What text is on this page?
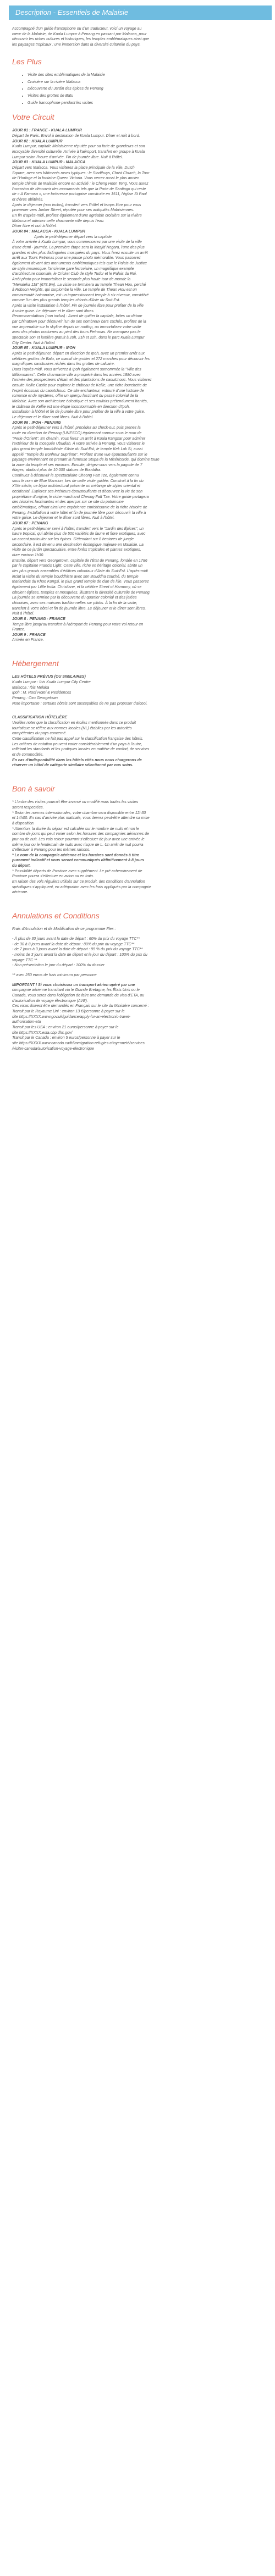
Description - Essentiels de Malaisie

Accompagné d'un guide francophone ou d'un traducteur, voici un voyage au

cœur de la Malaisie, de Kuala Lumpur à Penang en passant par Malacca, pour

découvrir les riches cultures et historiques, les temples emblématiques ainsi que

les paysages tropicaux : une immersion dans la diversité culturelle du pays.

Les Plus
• Visite des sites emblématiques de la Malaisie
• Croisière sur la rivière Malacca
• Découverte du Jardin des épices de Penang
• Visites des grottes de Batu
• Guide francophone pendant les visites
Votre Circuit

JOUR 01 : FRANCE - KUALA LUMPUR

Départ de Paris. Envol à destination de Kuala Lumpur. Dîner et nuit à bord.

JOUR 02 : KUALA LUMPUR

Kuala Lumpur, capitale Malaisienne réputée pour sa forte de grandeurs et son

incroyable diversité culturelle. Arrivée à l'aéroport, transfert en groupe à Kuala

Lumpur selon l'heure d'arrivée. Fin de journée libre. Nuit à l'hôtel.

JOUR 03 : KUALA LUMPUR - MALACCA

Départ vers Malacca. Vous visiterez la place principale de la ville, Dutch

Square, avec ses bâtiments roses typiques : le Stadthuys, Christ Church, la Tour

de l'Horloge et la fontaine Queen Victoria. Vous verrez aussi le plus ancien

temple chinois de Malaisie encore en activité : le Cheng Hoon Teng. Vous aurez

l'occasion de découvrir des monuments tels que la Porte de Santiago qui reste

de « A Famosa », une forteresse portugaise construite en 1511, l'église St Paul

et d'ères oblitérés.

Après le déjeuner (non inclus), transfert vers l'hôtel et temps libre pour vous

promener vers Jonker Street, réputée pour ses antiquités Malaisiennes.

En fin d'après-midi, profitez également d'une agréable croisière sur la rivière

Malacca et admirez cette charmante ville depuis l'eau.

Dîner libre et nuit à l'hôtel.

JOUR 04 : MALACCA - KUALA LUMPUR

Après le petit-déjeuner départ vers la capitale.

À votre arrivée à Kuala Lumpur, vous commencerez par une visite de la ville

d'une demi - journée. La première étape sera la Masjid Negara, l'une des plus

grandes et des plus distinguées mosquées du pays. Vous ferez ensuite un arrêt

arrêt aux Tours Petronas pour une pause photo mémorable. Vous passerez

également devant des monuments emblématiques tels que le Palais de Justice

de style mauresque, l'ancienne gare ferroviaire, un magnifique exemple

d'architecture coloniale, le Cricket Club de style Tudor et le Palais du Roi.

Arrêt photo pour immortaliser le seconde plus haute tour de monde la

"Menaleka 118" (678.9m). La visite se terminera au temple Thean Hou, perché

à Robson Heights, qui surplombe la ville. Le temple de Thean Hou est un

communauté hainanaise, est un impressionnant temple à six niveaux, considéré

comme l'un des plus grands temples chinois d'Asie du Sud-Est.

Après la visite installation à l'hôtel. Fin de journée libre pour profiter de la ville

à votre guise. Le déjeuner et le dîner sont libres.

Recommandations (non inclus) : Avant de quitter la capitale, faites un détour

par Chinatown pour découvrir l'un de ses nombreux bars cachés, profitez de la

vue imprenable sur la skyline depuis un rooftop, ou immortalisez votre visite

avec des photos nocturnes au pied des tours Petronas. Ne manquez pas le

spectacle son et lumière gratuit à 20h, 21h et 22h, dans le parc Kuala Lumpur

City Center. Nuit à l'hôtel.

JOUR 05 : KUALA LUMPUR - IPOH

Après le petit-déjeuner, départ en direction de Ipoh, avec un premier arrêt aux

célèbres grottes de Batu, ce massif de grottes et 272 marches pour découvrir les

magnifiques sanctuaires nichés dans les grottes de calcaire.

Dans l'après-midi, vous arriverez à Ipoh également surnommée la "Ville des

Millionnaires". Cette charmante ville a prospéré dans les années 1880 avec

l'arrivée des prospecteurs d'étain et des plantations de caoutchouc. Vous visiterez

ensuite Kellie Castle pour explorer le château de Kellie, une riche fourchette de

l'esprit écossais du caoutchouc. Ce site enchanteur, entouré d'une histoire de

romance et de mystères, offre un aperçu fascinant du passé colonial de la

Malaisie. Avec son architecture éclectique et ses couloirs prétendument hantés,

le château de Kellie est une étape incontournable en direction d'Ipoh.

Installation à l'hôtel et fin de journée libre pour profiter de la ville à votre guise.

Le déjeuner et le dîner sont libres. Nuit à l'hôtel.

JOUR 06 : IPOH - PENANG

Après le petit-déjeuner vers à l'hôtel, procédez au check-out, puis prenez la

route en direction de Penang (UNESCO) également connue sous le nom de

"Perle d'Orient". En chemin, vous ferez un arrêt à Kuala Kangsar pour admirer

l'extérieur de la mosquée Ubudiah. À votre arrivée à Penang, vous visiterez le

plus grand temple bouddhiste d'Asie du Sud-Est, le temple Kek Lok Si, aussi

appelé "Temple du Bonheur Suprême". Profitez d'une vue époustouflante sur le

paysage environnant en prenant la fameuse Stupa de la Miséricorde, qui domine toute

la zone du temple et ses environs. Ensuite, dirigez-vous vers la pagode de 7

étages, abritant plus de 10 000 statues de Bouddha.

Continuez à découvrir le spectaculaire Cheong Fatt Tze, également connu

sous le nom de Blue Mansion, lors de cette visite guidée. Construit à la fin du

XIXe siècle, ce bijou architectural présente un mélange de styles oriental et

occidental. Explorez ses intérieurs époustouflants et découvrez la vie de son

propriétaire d'origine, le riche marchand Cheong Fatt Tze. Votre guide partagera

des histoires fascinantes et des aperçus sur ce site du patrimoine

emblématique, offrant ainsi une expérience enrichissante de la riche histoire de

Penang. Installation à votre hôtel et fin de journée libre pour découvrir la ville à

votre guise. Le déjeuner et le dîner sont libres. Nuit à l'hôtel.

JOUR 07 : PENANG

Après le petit-déjeuner servi à l'hôtel, transfert vers le "Jardin des Épices", un

havre tropical, qui abrite plus de 500 variétés de faune et flore exotiques, avec

un accent particulier sur les épices. S'étendant sur 8 hectares de jungle

secondaire, il est devenu une destination écologique majeure en Malaisie. La

visite de ce jardin spectaculaire, entre forêts tropicales et plantes exotiques,

dure environ 1h30.

Ensuite, départ vers Georgetown, capitale de l'État de Penang, fondée en 1786

par le capitaine Francis Light. Cette ville, riche en héritage colonial, abrite un

des plus grands ensembles d'édifices coloniaux d'Asie du Sud-Est. L'après-midi

inclut la visite du temple bouddhiste avec son Bouddha couché, du temple

thaïlandais du Khoo Kongsi, le plus grand temple de clan de l'île. Vous passerez

également par Little India. Christiane, et la célèbre Street of Harmony, où se

côtoient églises, temples et mosquées, illustrant la diversité culturelle de Penang.

La journée se termine par la découverte du quartier colonial et des jetées

chinoises, avec ses maisons traditionnelles sur pilotis. À la fin de la visite,

transfert à votre hôtel et fin de journée libre. Le déjeuner et le dîner sont libres.

Nuit à l'hôtel.

JOUR 8 : PENANG - FRANCE

Temps libre jusqu'au transfert à l'aéroport de Penang pour votre vol retour en

France.

JOUR 9 : FRANCE

Arrivée en France.

Hébergement

LES HÔTELS PRÉVUS (OU SIMILAIRES)

Kuala Lumpur : Ibis Kuala Lumpur City Centre

Malacca : Ibis Melaka

Ipoh : M. Roof Hotel & Residences

Penang : Ozo Georgetown

Note importante : certains hôtels sont susceptibles de ne pas proposer d'alcool.

CLASSIFICATION HÔTELIÈRE

Veuillez noter que la classification en étoiles mentionnée dans ce produit

touristique se réfère aux normes locales (NL) établies par les autorités

compétentes du pays concerné.

Cette classification ne fait pas appel sur le classification française des hôtels.

Les critères de notation peuvent varier considérablement d'un pays à l'autre,

reflétant les standards et les pratiques locales en matière de confort, de services

et de commodités.

En cas d'indisponibilité dans les hôtels cités nous nous chargerons de

réserver un hôtel de catégorie similaire sélectionné par nos soins.

Bon à savoir

* L'ordre des visites pourrait être inversé ou modifié mais toutes les visites

seront respectées.

* Selon les normes internationales, votre chambre sera disponible entre 12h30

et 14h00. En cas d'arrivée plus matinale, vous devrez peut-être attendre sa mise

à disposition.

* Attention, la durée du séjour est calculée sur le nombre de nuits et non le

nombre de jours qui peut varier selon les horaires des compagnies aériennes de

jour ou de nuit. Les vols retour pourront s'effectuer de jour avec une arrivée le

même jour ou le lendemain de nuits avec risque de L. Un arrêt de nuit pourra

s'effectuer à Penang pour les mêmes raisons.

* Le nom de la compagnie aérienne et les horaires sont donnés à titre

purement indicatif et vous seront communiqués définitivement à 8 jours

du départ.

* Possibilité départs de Province avec supplément. Le pré acheminement de

Province pourra s'effectuer en avion ou en train.

En raison des vols réguliers utilisés sur ce produit, des conditions d'annulation

spécifiques s'appliquent, en adéquation avec les frais appliqués par la compagnie

aérienne.

Annulations et Conditions

Frais d'Annulation et de Modification de ce programme Flex :

- À plus de 30 jours avant la date de départ : 60% du prix du voyage TTC**

- de 30 à 8 jours avant la date de départ : 80% du prix du voyage TTC**

- de 7 jours à 3 jours avant la date de départ : 95 % du prix du voyage TTC**

- moins de 3 jours avant la date de départ et le jour du départ : 100% du prix du

voyage TTC **

- Non présentation le jour du départ : 100% du dossier

** avec 250 euros de frais minimum par personne

IMPORTANT ! Si vous choisissez un transport aérien opéré par une

compagnie aérienne transitant via le Grande Bretagne, les États Unis ou le

Canada, vous serez dans l'obligation de faire une demande de visa d'ETA, ou

d'autorisation de voyage électronique (AVE).

Ces visas doivent être demandés en Français sur le site du Ministère concerné :

Transit par le Royaume Uni : environ 13 €/personne à payer sur le

site https://XXXX.www.gov.uk/guidance/apply-for-an-electronic-travel-

authorisation-eta

Transit par les USA : environ 21 euros/personne à payer sur le

site https://XXXX.esta.cbp.dhs.gov/

Transit par le Canada : environ 5 euros/personne à payer sur le

site https://XXXX.www.canada.ca/fr/immigration-refugies-citoyenneté/services

/visiter-canada/autorisation-voyage-electronique
